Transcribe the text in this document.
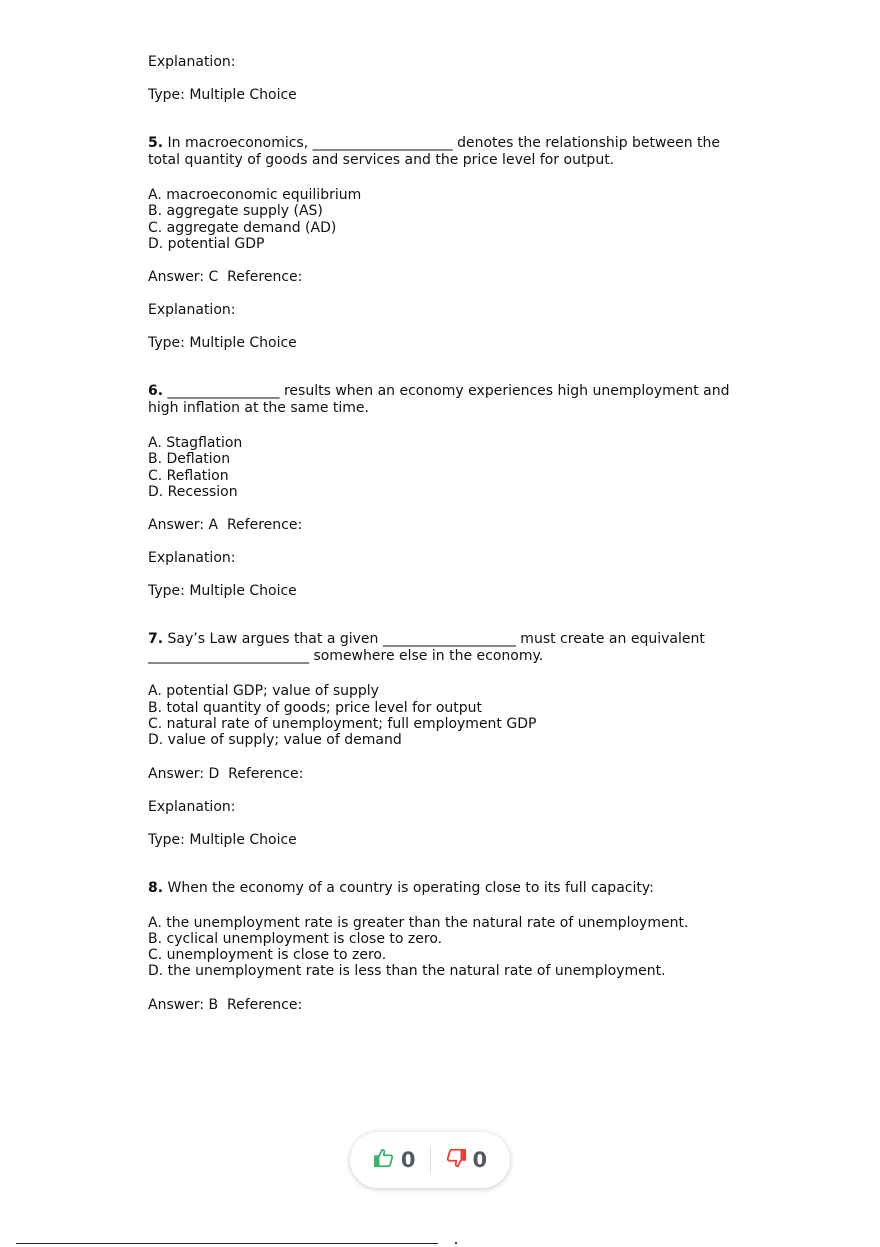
Explanation:
Type: Multiple Choice
5. In macroeconomics, ____________________ denotes the relationship between the
total quantity of goods and services and the price level for output.
A. macroeconomic equilibrium
B. aggregate supply (AS)
C. aggregate demand (AD)
D. potential GDP
Answer: C  Reference:
Explanation:
Type: Multiple Choice
6. ________________ results when an economy experiences high unemployment and
high inflation at the same time.
A. Stagflation
B. Deflation
C. Reflation
D. Recession
Answer: A  Reference:
Explanation:
Type: Multiple Choice
7. Say’s Law argues that a given ___________________ must create an equivalent
_______________________ somewhere else in the economy.
A. potential GDP; value of supply
B. total quantity of goods; price level for output
C. natural rate of unemployment; full employment GDP
D. value of supply; value of demand
Answer: D  Reference:
Explanation:
Type: Multiple Choice
8. When the economy of a country is operating close to its full capacity:
A. the unemployment rate is greater than the natural rate of unemployment.
B. cyclical unemployment is close to zero.
C. unemployment is close to zero.
D. the unemployment rate is less than the natural rate of unemployment.
Answer: B  Reference:
0	0
